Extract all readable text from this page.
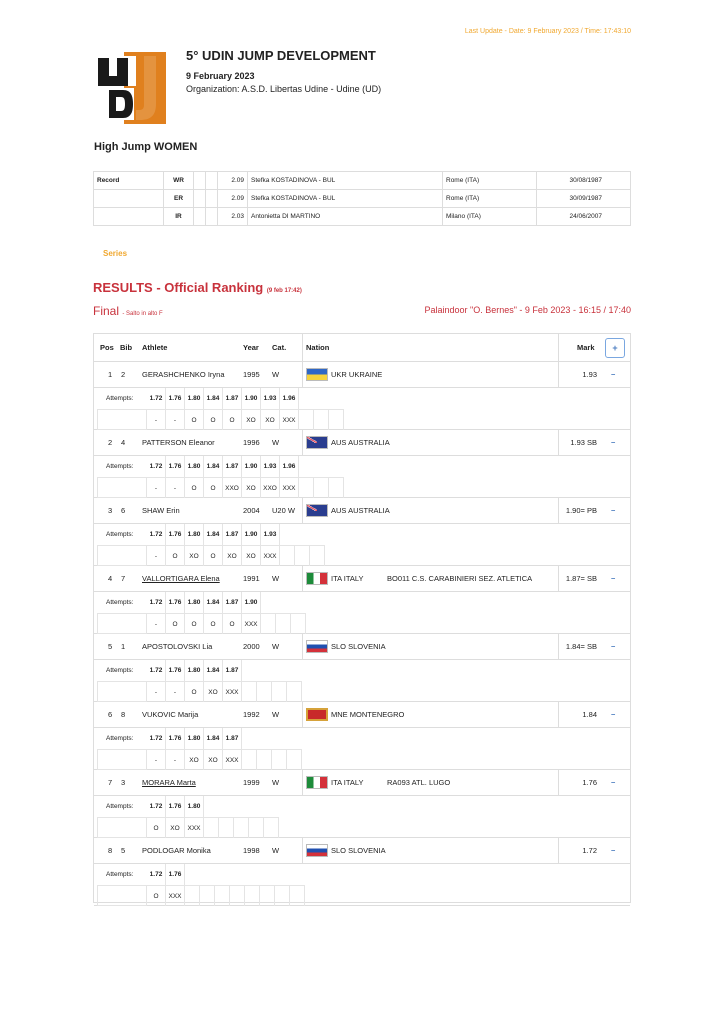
Last Update - Date: 9 February 2023 / Time: 17:43:10
5° UDIN JUMP DEVELOPMENT
9 February 2023
Organization: A.S.D. Libertas Udine - Udine (UD)
High Jump WOMEN
Record	WR			2.09	Stefka KOSTADINOVA - BUL	Rome (ITA)	30/08/1987
	ER			2.09	Stefka KOSTADINOVA - BUL	Rome (ITA)	30/09/1987
	IR			2.03	Antonietta DI MARTINO	Milano (ITA)	24/06/2007
Series
RESULTS - Official Ranking (9 feb 17:42)
Final - Salto in alto F	Palaindoor "O. Bernes" - 9 Feb 2023 - 16:15 / 17:40
Pos Bib Athlete	Year Cat.	Nation	Mark	+
1 2 GERASHCHENKO Iryna 1995 W	UKR UKRAINE	1.93 −
Attempts:	1.72 1.76 1.80 1.84 1.87 1.90 1.93 1.96
-	-	O	O	O	XO	XO	XXX
2 4 PATTERSON Eleanor	1996 W	AUS AUSTRALIA	1.93 SB −
Attempts:	1.72 1.76 1.80 1.84 1.87 1.90 1.93 1.96
-	-	O	O	XXO	XO	XXO XXX
3 6 SHAW Erin	2004 U20 W	AUS AUSTRALIA	1.90= PB −
Attempts:	1.72 1.76 1.80 1.84 1.87 1.90 1.93
-	O	XO	O	XO	XO	XXX
4 7 VALLORTIGARA Elena	1991 W	ITA ITALY	BO011 C.S. CARABINIERI SEZ. ATLETICA	1.87= SB −
Attempts:	1.72 1.76 1.80 1.84 1.87 1.90
-	O	O	O	O	XXX
5 1 APOSTOLOVSKI Lia	2000 W	SLO SLOVENIA	1.84= SB −
Attempts:	1.72 1.76 1.80 1.84 1.87
-	-	O	XO	XXX
6 8 VUKOVIC Marija	1992 W	MNE MONTENEGRO	1.84 −
Attempts:	1.72 1.76 1.80 1.84 1.87
-	-	XO	XO	XXX
7 3 MORARA Marta	1999 W	ITA ITALY	RA093 ATL. LUGO	1.76 −
Attempts:	1.72 1.76 1.80
O	XO	XXX
8 5 PODLOGAR Monika	1998 W	SLO SLOVENIA	1.72 −
Attempts:	1.72 1.76
O	XXX
